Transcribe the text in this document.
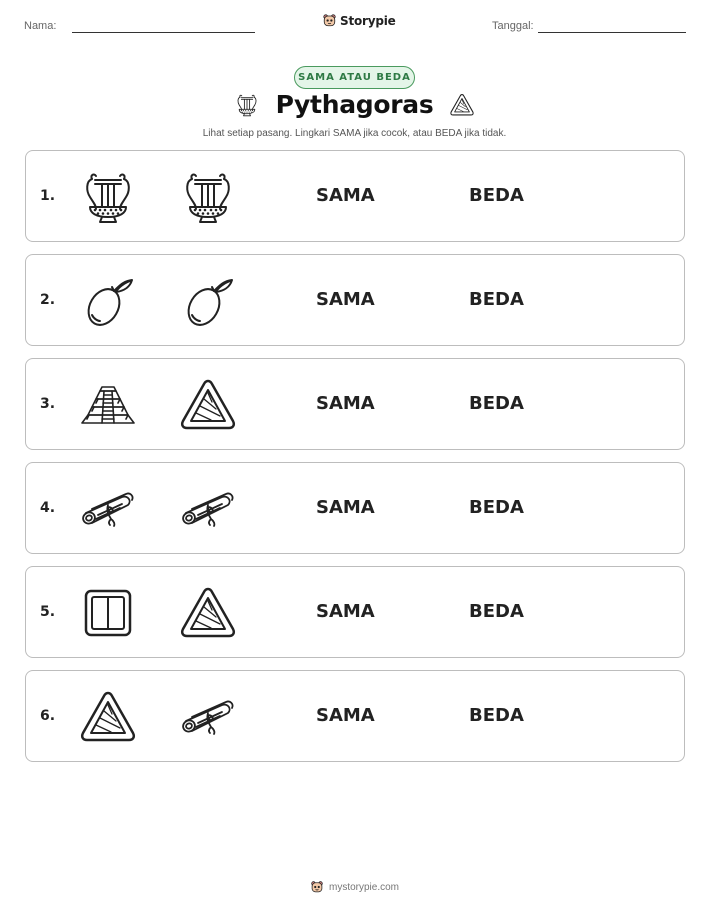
Nama:	Storypie	Tanggal:
SAMA ATAU BEDA
Pythagoras
Lihat setiap pasang. Lingkari SAMA jika cocok, atau BEDA jika tidak.
1.	SAMA	BEDA
2.	SAMA	BEDA
3.	SAMA	BEDA
4.	SAMA	BEDA
5.	SAMA	BEDA
6.	SAMA	BEDA
mystorypie.com
